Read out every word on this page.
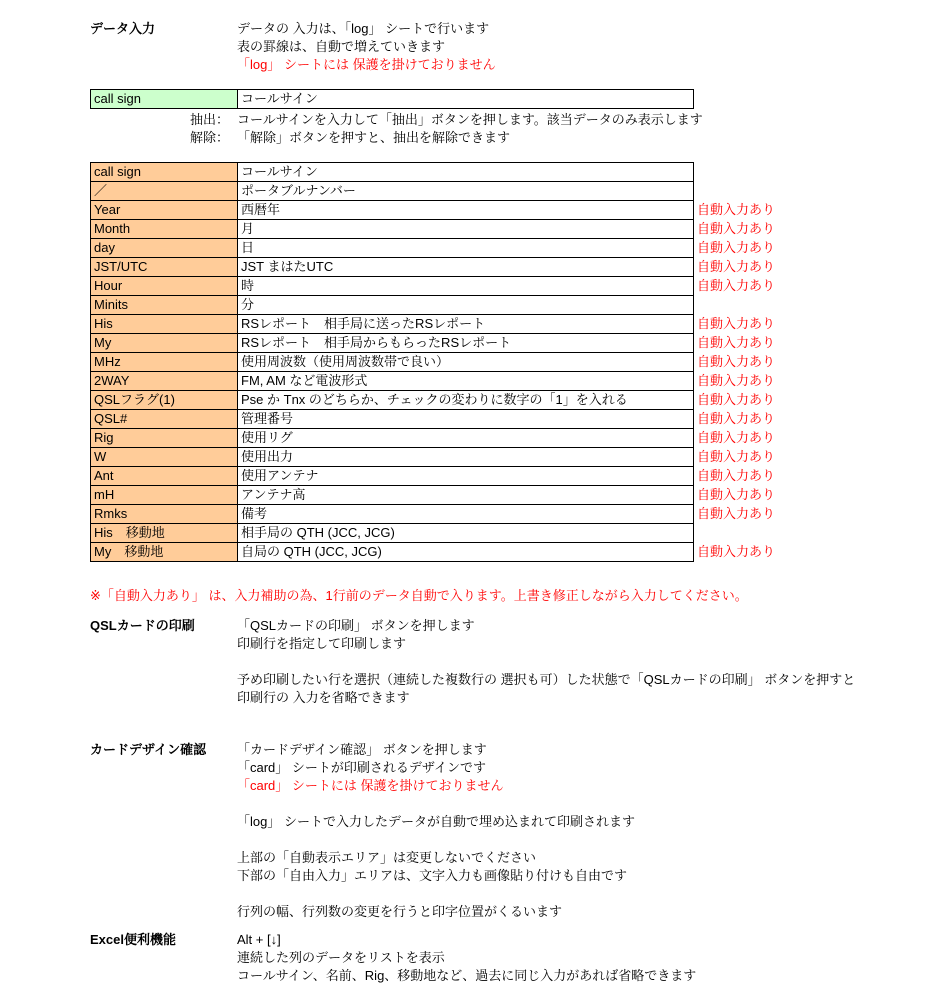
データ入力	データの 入力は、「log」 シートで行います
表の罫線は、自動で増えていきます
「log」 シートには 保護を掛けておりません
call sign	コールサイン
抽出： コールサインを入力して「抽出」ボタンを押します。該当データのみ表示します
解除： 「解除」ボタンを押すと、抽出を解除できます
call sign	コールサイン	
／	ポータブルナンバー	
Year	西暦年	自動入力あり
Month	月	自動入力あり
day	日	自動入力あり
JST/UTC	JST まはたUTC	自動入力あり
Hour	時	自動入力あり
Minits	分	
His	RSレポート　相手局に送ったRSレポート	自動入力あり
My	RSレポート　相手局からもらったRSレポート	自動入力あり
MHz	使用周波数（使用周波数帯で良い）	自動入力あり
2WAY	FM, AM など電波形式	自動入力あり
QSLフラグ(1)	Pse か Tnx のどちらか、チェックの変わりに数字の「1」を入れる	自動入力あり
QSL#	管理番号	自動入力あり
Rig	使用リグ	自動入力あり
W	使用出力	自動入力あり
Ant	使用アンテナ	自動入力あり
mH	アンテナ高	自動入力あり
Rmks	備考	自動入力あり
His　移動地	相手局の QTH (JCC, JCG)	
My　移動地	自局の QTH (JCC, JCG)	自動入力あり
※「自動入力あり」 は、入力補助の為、1行前のデータ自動で入ります。上書き修正しながら入力してください。
QSLカードの印刷	「QSLカードの印刷」 ボタンを押します
印刷行を指定して印刷します
予め印刷したい行を選択（連続した複数行の 選択も可）した状態で「QSLカードの印刷」 ボタンを押すと
印刷行の 入力を省略できます
カードデザイン確認	「カードデザイン確認」 ボタンを押します
「card」 シートが印刷されるデザインです
「card」 シートには 保護を掛けておりません
「log」 シートで入力したデータが自動で埋め込まれて印刷されます
上部の「自動表示エリア」は変更しないでください
下部の「自由入力」エリアは、文字入力も画像貼り付けも自由です
行列の幅、行列数の変更を行うと印字位置がくるいます
Excel便利機能	Alt + [↓]
連続した列のデータをリストを表示
コールサイン、名前、Rig、移動地など、過去に同じ入力があれば省略できます
